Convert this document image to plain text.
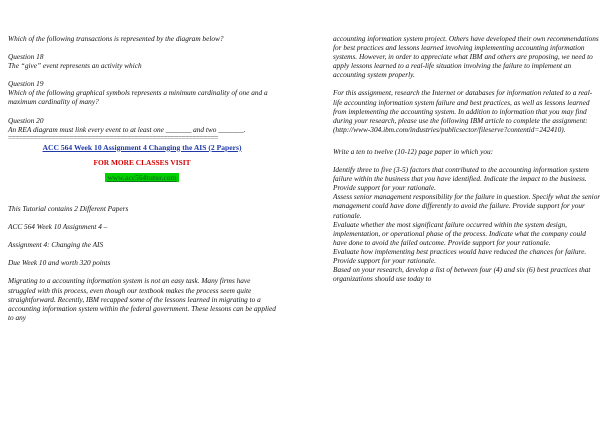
Which of the following transactions is represented by the diagram below?

Question 18

The “give” event represents an activity which

Question 19

Which of the following graphical symbols represents a minimum cardinality of one and a maximum cardinality of many?

Question 20

An REA diagram must link every event to at least one _______ and two _______.

==========================================================

ACC 564 Week 10 Assignment 4 Changing the AIS (2 Papers)

FOR MORE CLASSES VISIT

www.acc564tutor.com

This Tutorial contains 2 Different Papers

ACC 564 Week 10 Assignment 4 –

Assignment 4: Changing the AIS

Due Week 10 and worth 320 points

Migrating to a accounting information system is not an easy task. Many firms have struggled with this process, even though our textbook makes the process seem quite straightforward. Recently, IBM recapped some of the lessons learned in migrating to a accounting information system within the federal government. These lessons can be applied to any

accounting information system project. Others have developed their own recommendations for best practices and lessons learned involving implementing accounting information systems. However, in order to appreciate what IBM and others are proposing, we need to apply lessons learned to a real-life situation involving the failure to implement an accounting system properly.

For this assignment, research the Internet or databases for information related to a real-life accounting information system failure and best practices, as well as lessons learned from implementing the accounting system. In addition to information that you may find during your research, please use the following IBM article to complete the assignment: (http://www-304.ibm.com/industries/publicsector/fileserve?contentid=242410).

Write a ten to twelve (10-12) page paper in which you:

Identify three to five (3-5) factors that contributed to the accounting information system failure within the business that you have identified. Indicate the impact to the business. Provide support for your rationale.
Assess senior management responsibility for the failure in question. Specify what the senior management could have done differently to avoid the failure. Provide support for your rationale.
Evaluate whether the most significant failure occurred within the system design, implementation, or operational phase of the process. Indicate what the company could have done to avoid the failed outcome. Provide support for your rationale.
Evaluate how implementing best practices would have reduced the chances for failure. Provide support for your rationale.
Based on your research, develop a list of between four (4) and six (6) best practices that organizations should use today to
